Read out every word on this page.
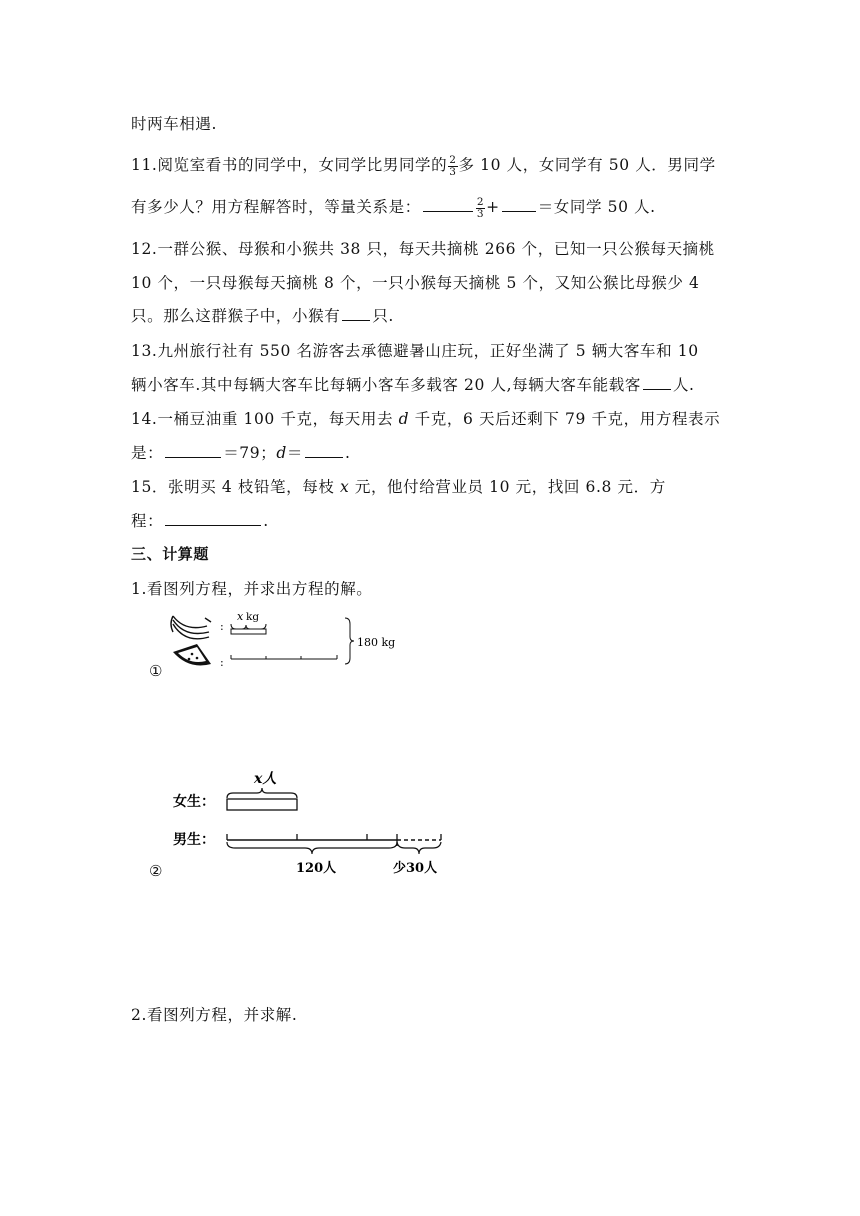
时两车相遇.
11.阅览室看书的同学中，女同学比男同学的 $\frac{2}{3}$ 多 10 人，女同学有 50 人．男同学
有多少人？用方程解答时，等量关系是：	$\frac{2}{3}$ + ＝女同学 50 人.
12.一群公猴、母猴和小猴共 38 只，每天共摘桃 266 个，已知一只公猴每天摘桃
10 个，一只母猴每天摘桃 8 个，一只小猴每天摘桃 5 个，又知公猴比母猴少 4
只。那么这群猴子中，小猴有 只.
13.九州旅行社有 550 名游客去承德避暑山庄玩，正好坐满了 5 辆大客车和 10
辆小客车.其中每辆大客车比每辆小客车多载客 20 人,每辆大客车能载客 人.
14.一桶豆油重 100 千克，每天用去 d 千克，6 天后还剩下 79 千克，用方程表示
是：	＝79；d＝	.
15．张明买 4 枝铅笔，每枝 x 元，他付给营业员 10 元，找回 6.8 元．方
程：	.
三、计算题
1.看图列方程，并求出方程的解。
:
x kg
:
180 kg
①
x人
女生：
男生：
120人	少30人
②
2.看图列方程，并求解.
